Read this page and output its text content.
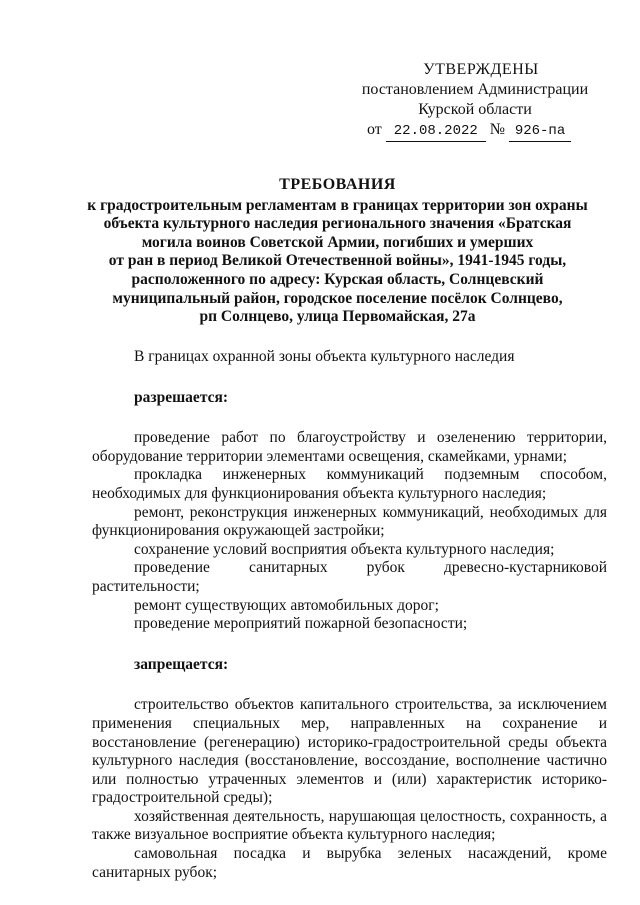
УТВЕРЖДЕНЫ
постановлением Администрации
Курской области
от 22.08.2022 № 926-па
ТРЕБОВАНИЯ
к градостроительным регламентам в границах территории зон охраны
объекта культурного наследия регионального значения «Братская
могила воинов Советской Армии, погибших и умерших
от ран в период Великой Отечественной войны», 1941-1945 годы,
расположенного по адресу: Курская область, Солнцевский
муниципальный район, городское поселение посёлок Солнцево,
рп Солнцево, улица Первомайская, 27а

В границах охранной зоны объекта культурного наследия

разрешается:

проведение работ по благоустройству и озеленению территории, оборудование территории элементами освещения, скамейками, урнами;

прокладка инженерных коммуникаций подземным способом, необходимых для функционирования объекта культурного наследия;

ремонт, реконструкция инженерных коммуникаций, необходимых для функционирования окружающей застройки;

сохранение условий восприятия объекта культурного наследия;

проведение санитарных рубок древесно-кустарниковой растительности;

ремонт существующих автомобильных дорог;

проведение мероприятий пожарной безопасности;

запрещается:

строительство объектов капитального строительства, за исключением применения специальных мер, направленных на сохранение и восстановление (регенерацию) историко-градостроительной среды объекта культурного наследия (восстановление, воссоздание, восполнение частично или полностью утраченных элементов и (или) характеристик историко-градостроительной среды);

хозяйственная деятельность, нарушающая целостность, сохранность, а также визуальное восприятие объекта культурного наследия;

самовольная посадка и вырубка зеленых насаждений, кроме санитарных рубок;
